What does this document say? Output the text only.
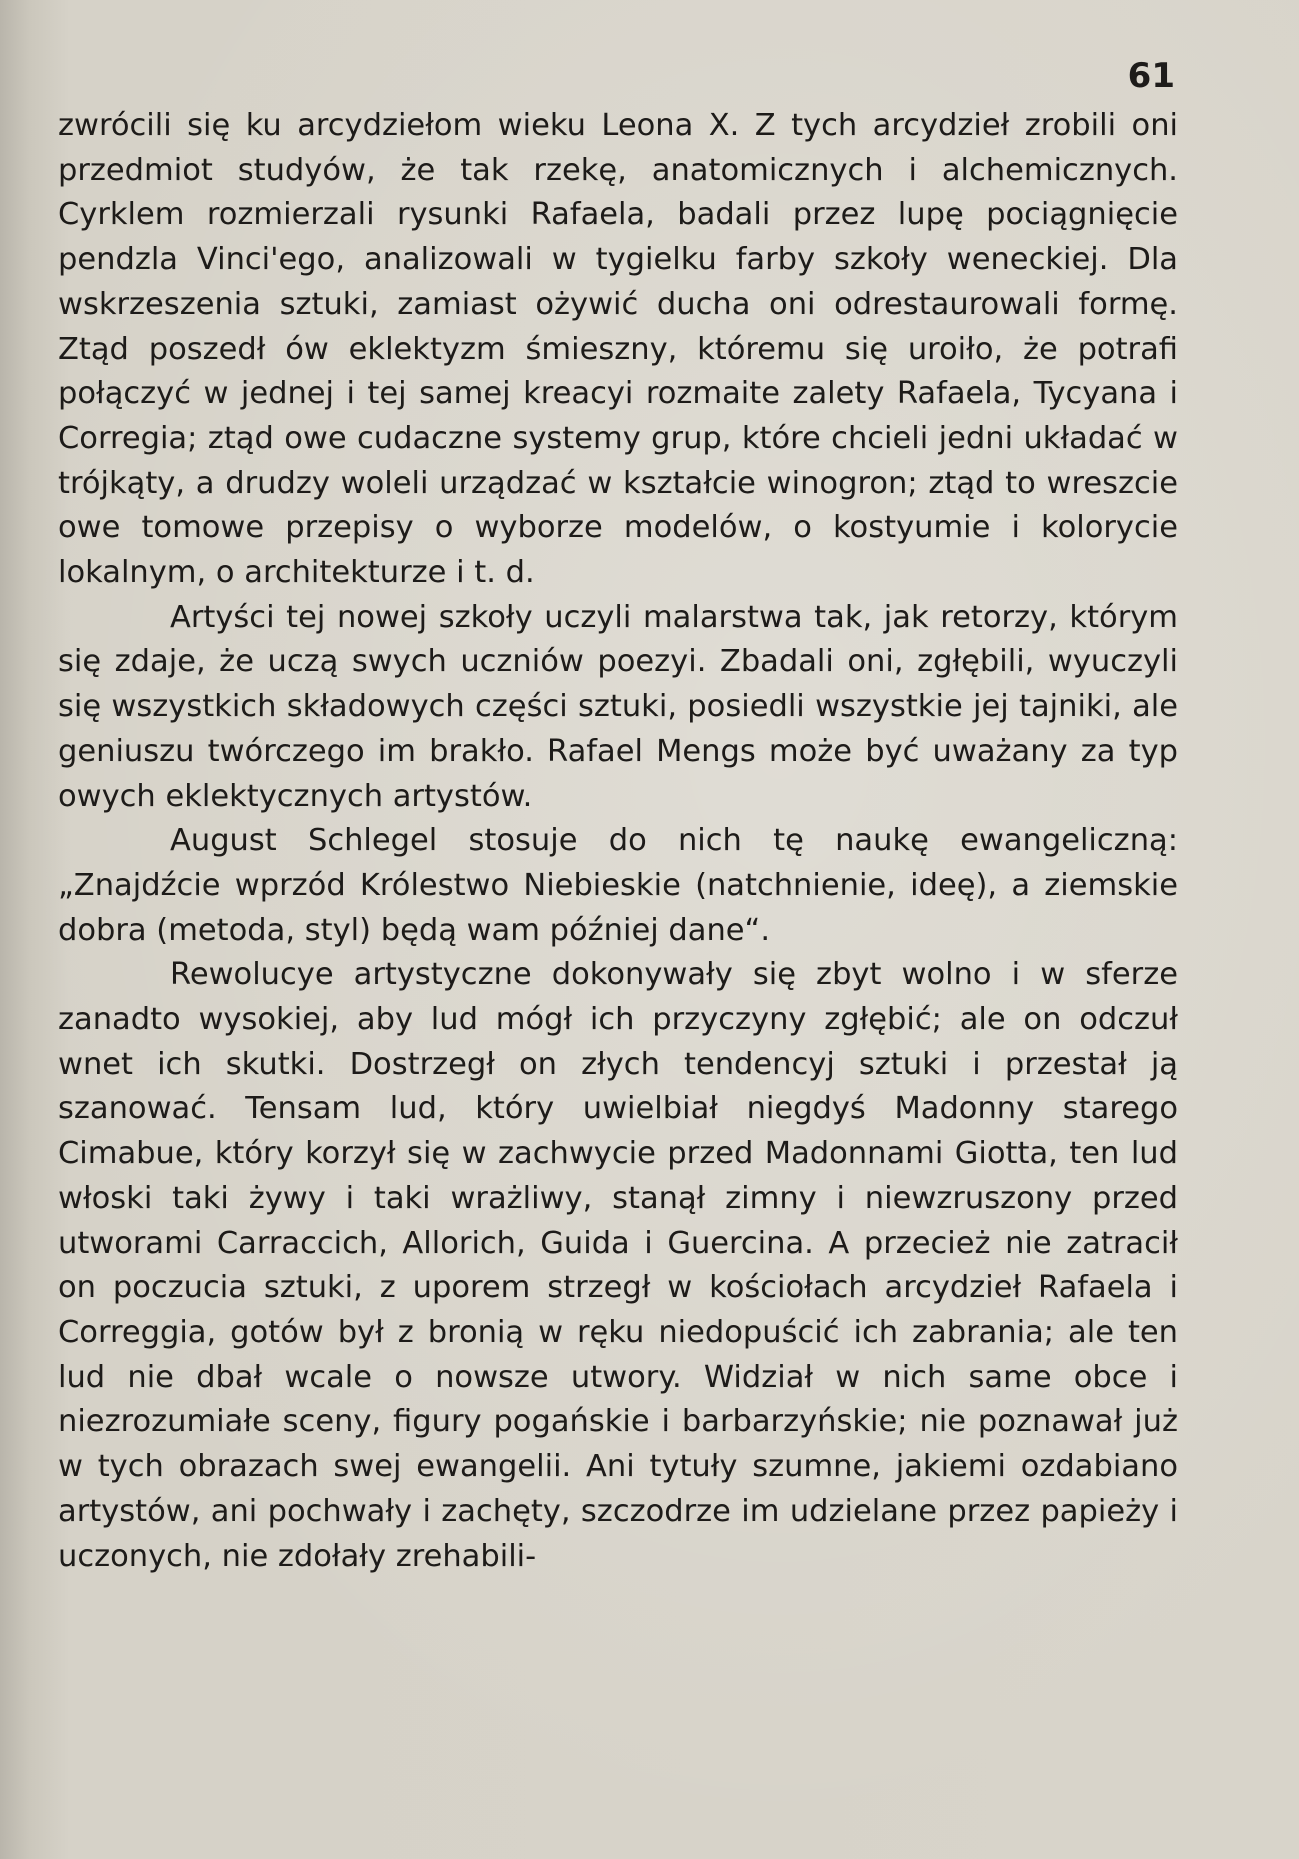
61

zwrócili się ku arcydziełom wieku Leona X. Z tych arcydzieł zrobili oni przedmiot studyów, że tak rzekę, anatomicznych i alchemicznych. Cyrklem rozmierzali rysunki Rafaela, badali przez lupę pociągnięcie pendzla Vinci'ego, analizowali w tygielku farby szkoły weneckiej. Dla wskrzeszenia sztuki, zamiast ożywić ducha oni odrestaurowali formę. Ztąd poszedł ów eklektyzm śmieszny, któremu się uroiło, że potrafi połączyć w jednej i tej samej kreacyi rozmaite zalety Rafaela, Tycyana i Corregia; ztąd owe cudaczne systemy grup, które chcieli jedni układać w trójkąty, a drudzy woleli urządzać w kształcie winogron; ztąd to wreszcie owe tomowe przepisy o wyborze modelów, o kostyumie i kolorycie lokalnym, o architekturze i t. d.

Artyści tej nowej szkoły uczyli malarstwa tak, jak retorzy, którym się zdaje, że uczą swych uczniów poezyi. Zbadali oni, zgłębili, wyuczyli się wszystkich składowych części sztuki, posiedli wszystkie jej tajniki, ale geniuszu twórczego im brakło. Rafael Mengs może być uważany za typ owych eklektycznych artystów.

August Schlegel stosuje do nich tę naukę ewangeliczną: „Znajdźcie wprzód Królestwo Niebieskie (natchnienie, ideę), a ziemskie dobra (metoda, styl) będą wam później dane“.

Rewolucye artystyczne dokonywały się zbyt wolno i w sferze zanadto wysokiej, aby lud mógł ich przyczyny zgłębić; ale on odczuł wnet ich skutki. Dostrzegł on złych tendencyj sztuki i przestał ją szanować. Tensam lud, który uwielbiał niegdyś Madonny starego Cimabue, który korzył się w zachwycie przed Madonnami Giotta, ten lud włoski taki żywy i taki wrażliwy, stanął zimny i niewzruszony przed utworami Carraccich, Allorich, Guida i Guercina. A przecież nie zatracił on poczucia sztuki, z uporem strzegł w kościołach arcydzieł Rafaela i Correggia, gotów był z bronią w ręku niedopuścić ich zabrania; ale ten lud nie dbał wcale o nowsze utwory. Widział w nich same obce i niezrozumiałe sceny, figury pogańskie i barbarzyńskie; nie poznawał już w tych obrazach swej ewangelii. Ani tytuły szumne, jakiemi ozdabiano artystów, ani pochwały i zachęty, szczodrze im udzielane przez papieży i uczonych, nie zdołały zrehabili-
